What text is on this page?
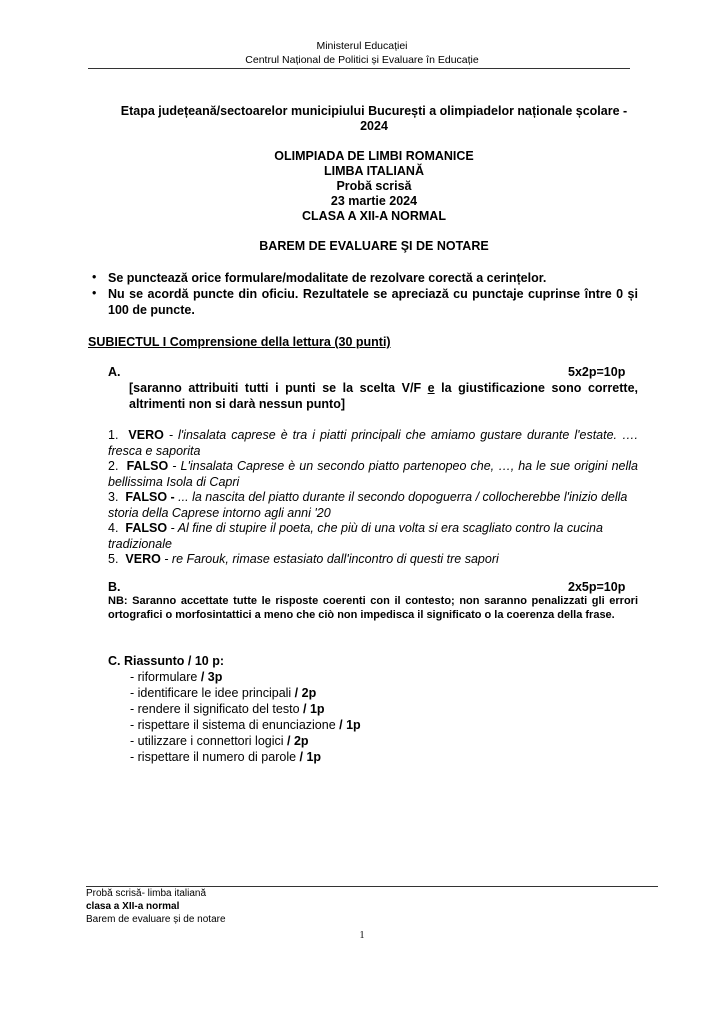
Ministerul Educației
Centrul Național de Politici și Evaluare în Educație
Etapa județeană/sectoarelor municipiului București a olimpiadelor naționale școlare -
2024
OLIMPIADA DE LIMBI ROMANICE
LIMBA ITALIANĂ
Probă scrisă
23 martie 2024
CLASA A XII-A NORMAL
BAREM DE EVALUARE ŞI DE NOTARE
• Se punctează orice formulare/modalitate de rezolvare corectă a cerințelor.
• Nu se acordă puncte din oficiu. Rezultatele se apreciază cu punctaje cuprinse între 0 și 100 de puncte.
SUBIECTUL I Comprensione della lettura (30 punti)
A.	5x2p=10p
[saranno attribuiti tutti i punti se la scelta V/F e la giustificazione sono corrette, altrimenti non si darà nessun punto]
1. VERO - l'insalata caprese è tra i piatti principali che amiamo gustare durante l'estate. …. fresca e saporita
2. FALSO - L'insalata Caprese è un secondo piatto partenopeo che, …, ha le sue origini nella bellissima Isola di Capri
3. FALSO - ... la nascita del piatto durante il secondo dopoguerra / collocherebbe l'inizio della storia della Caprese intorno agli anni '20
4. FALSO - Al fine di stupire il poeta, che più di una volta si era scagliato contro la cucina tradizionale
5. VERO - re Farouk, rimase estasiato dall'incontro di questi tre sapori
B.	2x5p=10p
NB: Saranno accettate tutte le risposte coerenti con il contesto; non saranno penalizzati gli errori ortografici o morfosintattici a meno che ciò non impedisca il significato o la coerenza della frase.
C. Riassunto / 10 p:
- riformulare / 3p
- identificare le idee principali / 2p
- rendere il significato del testo / 1p
- rispettare il sistema di enunciazione / 1p
- utilizzare i connettori logici / 2p
- rispettare il numero di parole / 1p
Probă scrisă- limba italiană
clasa a XII-a normal
Barem de evaluare și de notare
1
